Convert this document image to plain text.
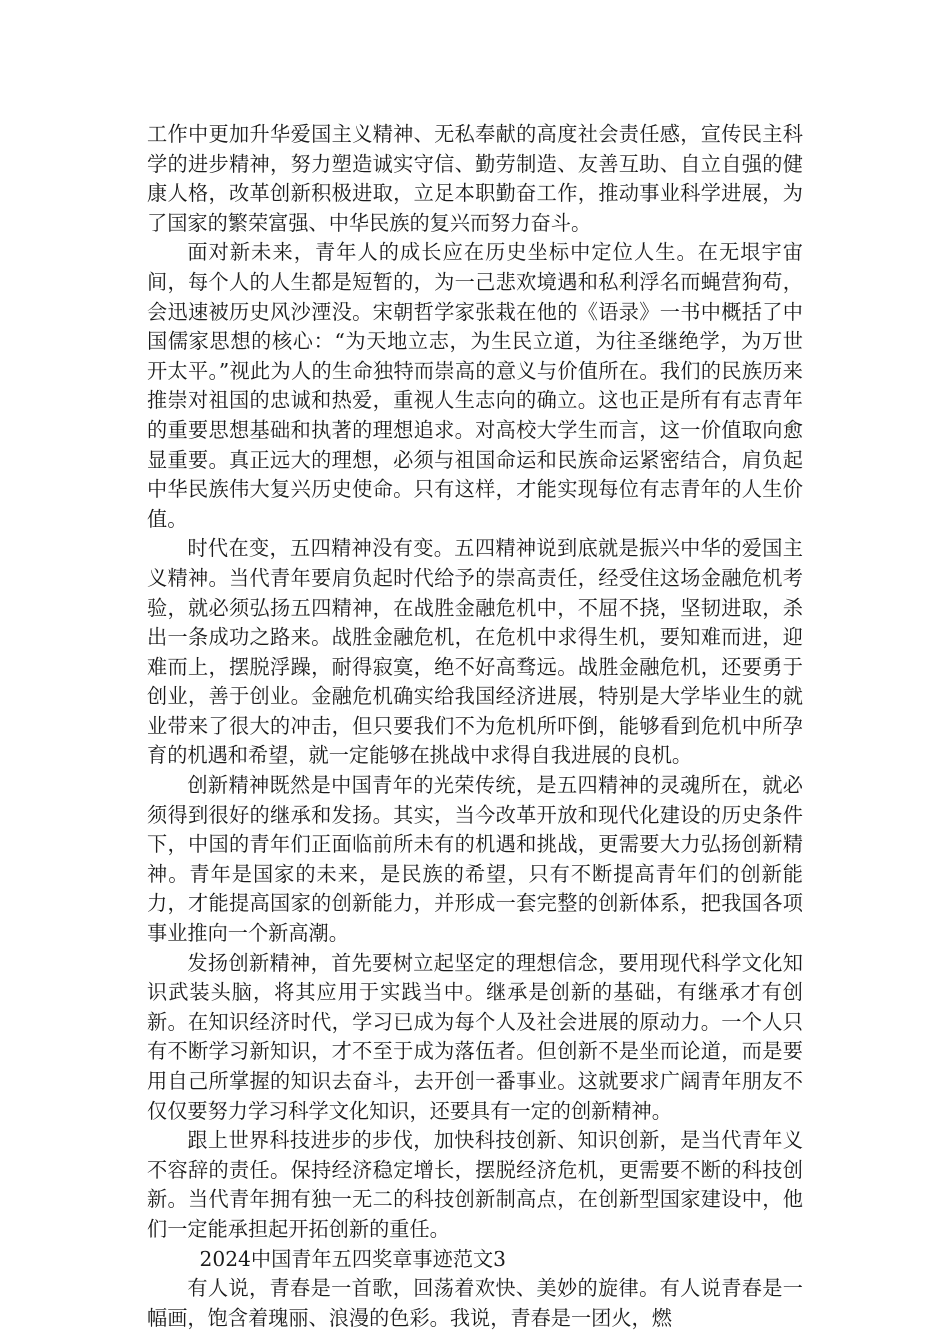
工作中更加升华爱国主义精神、无私奉献的高度社会责任感，宣传民主科学的进步精神，努力塑造诚实守信、勤劳制造、友善互助、自立自强的健康人格，改革创新积极进取，立足本职勤奋工作，推动事业科学进展，为了国家的繁荣富强、中华民族的复兴而努力奋斗。

面对新未来，青年人的成长应在历史坐标中定位人生。在无垠宇宙间，每个人的人生都是短暂的，为一己悲欢境遇和私利浮名而蝇营狗苟，会迅速被历史风沙湮没。宋朝哲学家张栽在他的《语录》一书中概括了中国儒家思想的核心：“为天地立志，为生民立道，为往圣继绝学，为万世开太平。”视此为人的生命独特而崇高的意义与价值所在。我们的民族历来推崇对祖国的忠诚和热爱，重视人生志向的确立。这也正是所有有志青年的重要思想基础和执著的理想追求。对高校大学生而言，这一价值取向愈显重要。真正远大的理想，必须与祖国命运和民族命运紧密结合，肩负起中华民族伟大复兴历史使命。只有这样，才能实现每位有志青年的人生价值。

时代在变，五四精神没有变。五四精神说到底就是振兴中华的爱国主义精神。当代青年要肩负起时代给予的崇高责任，经受住这场金融危机考验，就必须弘扬五四精神，在战胜金融危机中，不屈不挠，坚韧进取，杀出一条成功之路来。战胜金融危机，在危机中求得生机，要知难而进，迎难而上，摆脱浮躁，耐得寂寞，绝不好高骛远。战胜金融危机，还要勇于创业，善于创业。金融危机确实给我国经济进展，特别是大学毕业生的就业带来了很大的冲击，但只要我们不为危机所吓倒，能够看到危机中所孕育的机遇和希望，就一定能够在挑战中求得自我进展的良机。

创新精神既然是中国青年的光荣传统，是五四精神的灵魂所在，就必须得到很好的继承和发扬。其实，当今改革开放和现代化建设的历史条件下，中国的青年们正面临前所未有的机遇和挑战，更需要大力弘扬创新精神。青年是国家的未来，是民族的希望，只有不断提高青年们的创新能力，才能提高国家的创新能力，并形成一套完整的创新体系，把我国各项事业推向一个新高潮。

发扬创新精神，首先要树立起坚定的理想信念，要用现代科学文化知识武装头脑，将其应用于实践当中。继承是创新的基础，有继承才有创新。在知识经济时代，学习已成为每个人及社会进展的原动力。一个人只有不断学习新知识，才不至于成为落伍者。但创新不是坐而论道，而是要用自己所掌握的知识去奋斗，去开创一番事业。这就要求广阔青年朋友不仅仅要努力学习科学文化知识，还要具有一定的创新精神。

跟上世界科技进步的步伐，加快科技创新、知识创新，是当代青年义不容辞的责任。保持经济稳定增长，摆脱经济危机，更需要不断的科技创新。当代青年拥有独一无二的科技创新制高点，在创新型国家建设中，他们一定能承担起开拓创新的重任。

2024中国青年五四奖章事迹范文3

有人说，青春是一首歌，回荡着欢快、美妙的旋律。有人说青春是一幅画，饱含着瑰丽、浪漫的色彩。我说，青春是一团火，燃
